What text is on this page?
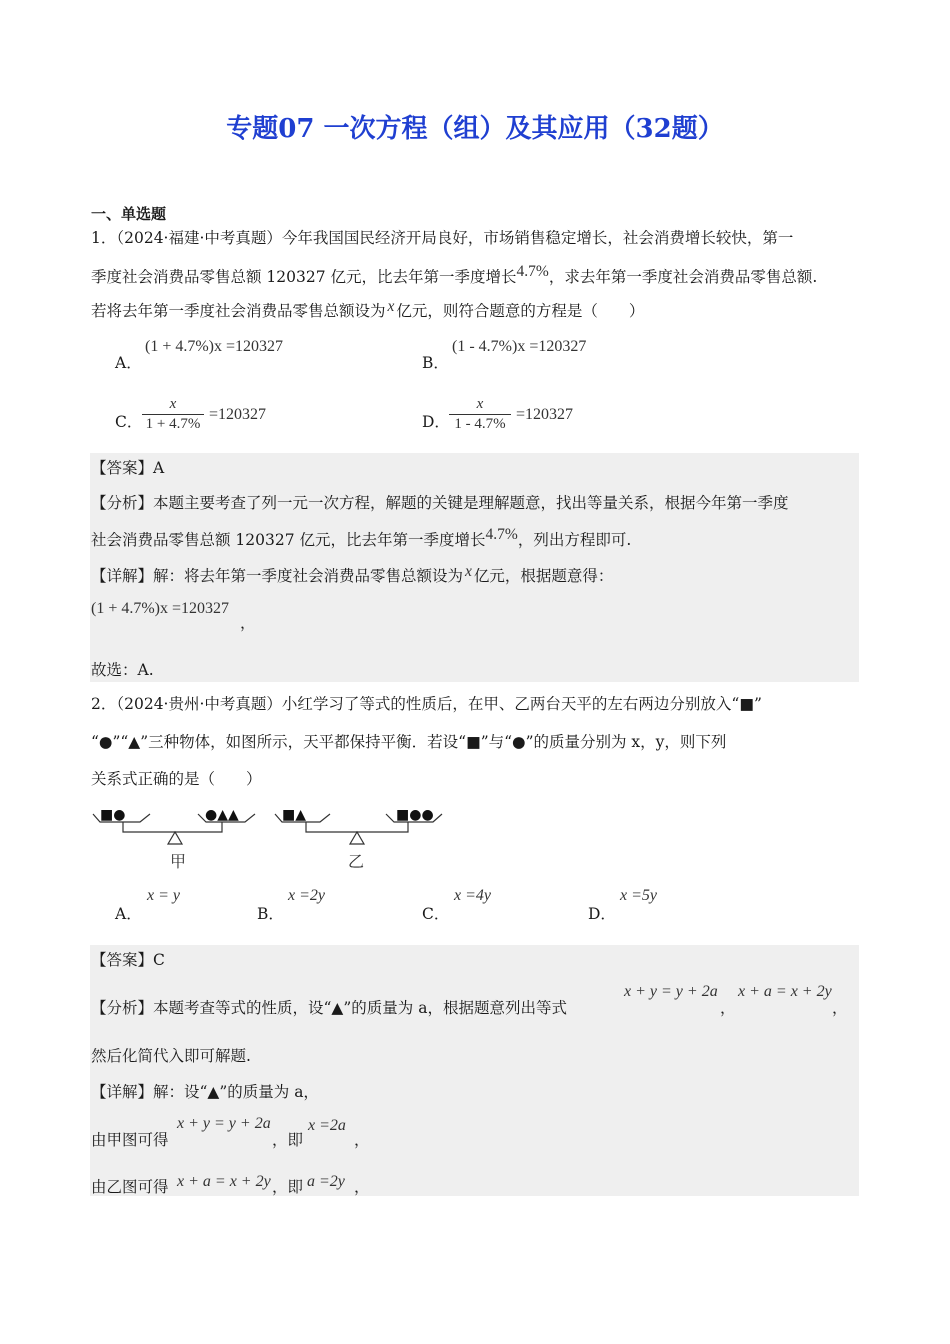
专题07 一次方程（组）及其应用（32题）
一、单选题
1．（2024·福建·中考真题）今年我国国民经济开局良好，市场销售稳定增长，社会消费增长较快，第一
季度社会消费品零售总额 120327 亿元，比去年第一季度增长4.7%，求去年第一季度社会消费品零售总额.
若将去年第一季度社会消费品零售总额设为 x 亿元，则符合题意的方程是（　　）
A．
(1 + 4.7%)x =120327
B．
(1 - 4.7%)x =120327
C． $\frac{x}{1 + 4.7\%} =120327$	D． $\frac{x}{1 - 4.7\%} =120327$
【答案】A
【分析】本题主要考查了列一元一次方程，解题的关键是理解题意，找出等量关系，根据今年第一季度
社会消费品零售总额 120327 亿元，比去年第一季度增长4.7%，列出方程即可.
【详解】解：将去年第一季度社会消费品零售总额设为 x 亿元，根据题意得：
(1 + 4.7%)x =120327
，
故选：A.
2．（2024·贵州·中考真题）小红学习了等式的性质后，在甲、乙两台天平的左右两边分别放入“■”
“●”“▲”三种物体，如图所示，天平都保持平衡．若设“■”与“●”的质量分别为 x，y，则下列
关系式正确的是（　　）
■●	●▲▲
甲
■▲	■●●
乙
A．
x = y
B．
x =2y
C．
x =4y
D．
x =5y
【答案】C
【分析】本题考查等式的性质，设“▲”的质量为 a，根据题意列出等式
x + y = y + 2a
，
x + a = x + 2y
，
然后化简代入即可解题.
【详解】解：设“▲”的质量为 a，
由甲图可得
x + y = y + 2a
，即
x =2a
，
由乙图可得 x + a = x + 2y ，即 a =2y ，
